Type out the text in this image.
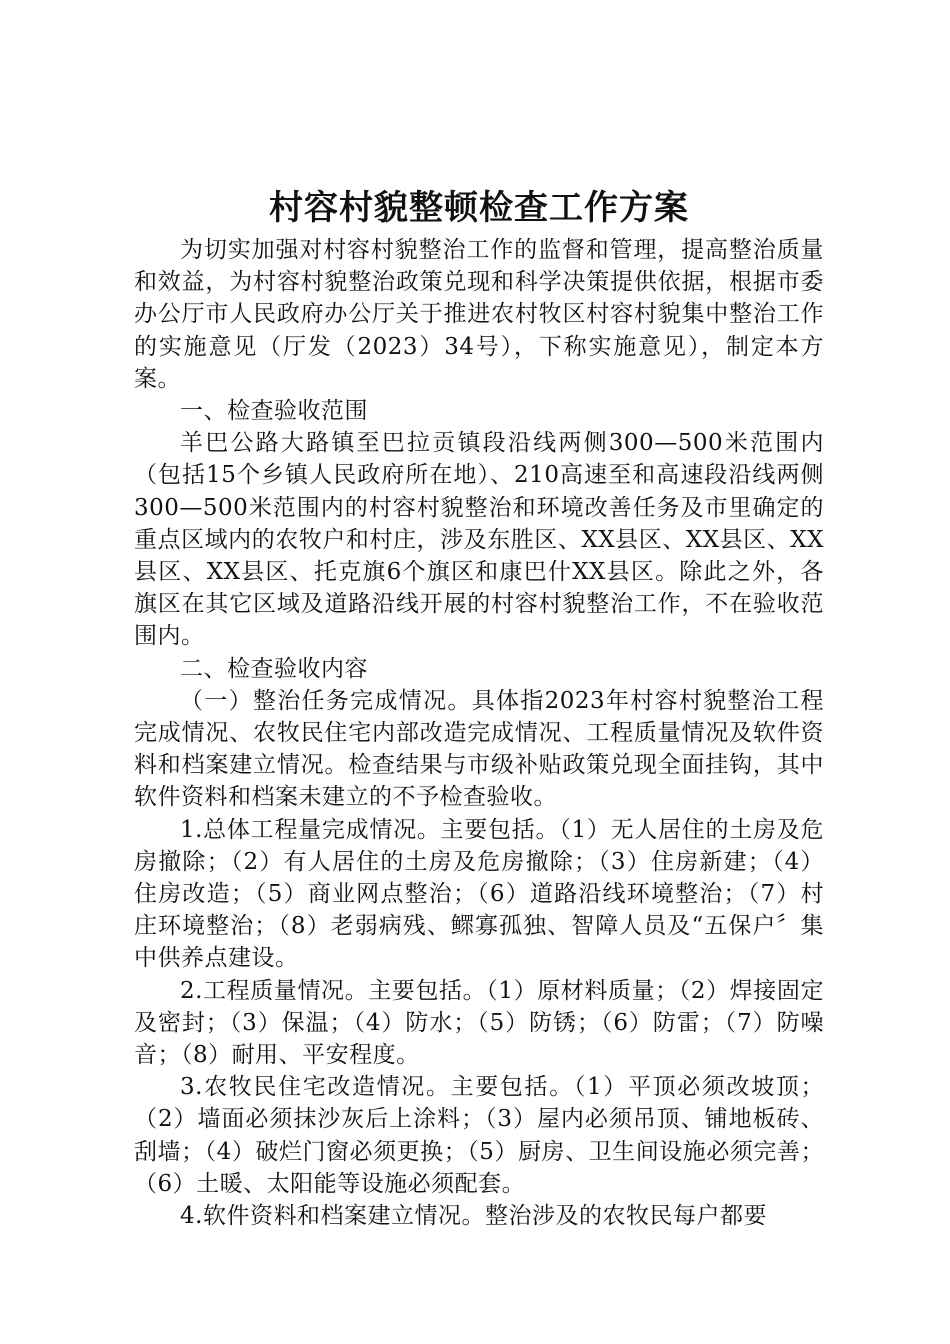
村容村貌整顿检查工作方案

为切实加强对村容村貌整治工作的监督和管理，提高整治质量和效益，为村容村貌整治政策兑现和科学决策提供依据，根据市委办公厅市人民政府办公厅关于推进农村牧区村容村貌集中整治工作的实施意见（厅发（2023）34号），下称实施意见），制定本方案。

一、检查验收范围

羊巴公路大路镇至巴拉贡镇段沿线两侧300—500米范围内（包括15个乡镇人民政府所在地）、210高速至和高速段沿线两侧300—500米范围内的村容村貌整治和环境改善任务及市里确定的重点区域内的农牧户和村庄，涉及东胜区、XX县区、XX县区、XX县区、XX县区、托克旗6个旗区和康巴什XX县区。除此之外，各旗区在其它区域及道路沿线开展的村容村貌整治工作，不在验收范围内。

二、检查验收内容

（一）整治任务完成情况。具体指2023年村容村貌整治工程完成情况、农牧民住宅内部改造完成情况、工程质量情况及软件资料和档案建立情况。检查结果与市级补贴政策兑现全面挂钩，其中软件资料和档案未建立的不予检查验收。

1.总体工程量完成情况。主要包括。（1）无人居住的土房及危房撤除；（2）有人居住的土房及危房撤除；（3）住房新建；（4）住房改造；（5）商业网点整治；（6）道路沿线环境整治；（7）村庄环境整治；（8）老弱病残、鳏寡孤独、智障人员及“五保户〞集中供养点建设。

2.工程质量情况。主要包括。（1）原材料质量；（2）焊接固定及密封；（3）保温；（4）防水；（5）防锈；（6）防雷；（7）防噪音；（8）耐用、平安程度。

3.农牧民住宅改造情况。主要包括。（1）平顶必须改坡顶；（2）墙面必须抹沙灰后上涂料；（3）屋内必须吊顶、铺地板砖、刮墙；（4）破烂门窗必须更换；（5）厨房、卫生间设施必须完善；（6）土暖、太阳能等设施必须配套。

4.软件资料和档案建立情况。整治涉及的农牧民每户都要
